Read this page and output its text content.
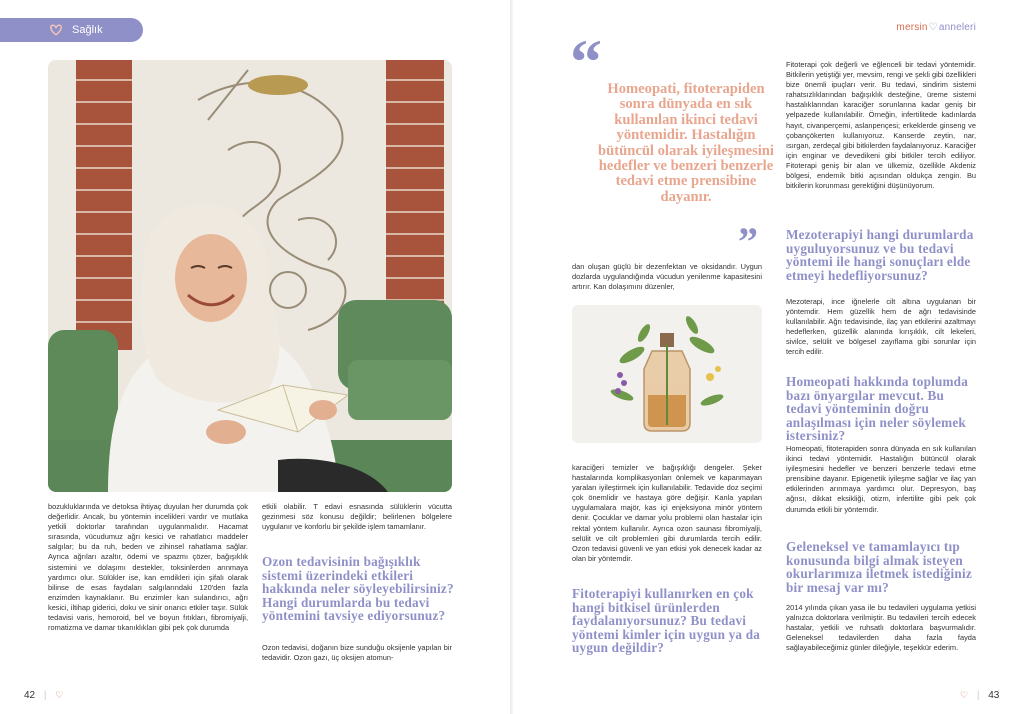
Sağlık

bozukluklarında ve detoksa ihtiyaç duyulan her durumda çok değerlidir. Ancak, bu yöntemin incelikleri vardır ve mutlaka yetkili doktorlar tarafından uygulanmalıdır. Hacamat sırasında, vücudumuz ağrı kesici ve rahatlatıcı maddeler salgılar; bu da ruh, beden ve zihinsel rahatlama sağlar. Ayrıca ağrıları azaltır, ödemi ve spazmı çözer, bağışıklık sistemini ve dolaşımı destekler, toksinlerden arınmaya yardımcı olur. Sülükler ise, kan emdikleri için şifalı olarak bilinse de esas faydaları salgılarındaki 120'den fazla enzimden kaynaklanır. Bu enzimler kan sulandırıcı, ağrı kesici, iltihap giderici, doku ve sinir onarıcı etkiler taşır. Sülük tedavisi varis, hemoroid, bel ve boyun fıtıkları, fibromiyalji, romatizma ve damar tıkanıklıkları gibi pek çok durumda

etkili olabilir. T edavi esnasında sülüklerin vücutta gezinmesi söz konusu değildir; belirlenen bölgelere uygulanır ve konforlu bir şekilde işlem tamamlanır.

Ozon tedavisinin bağışıklık sistemi üzerindeki etkileri hakkında neler söyleyebilirsiniz? Hangi durumlarda bu tedavi yöntemini tavsiye ediyorsunuz?

Ozon tedavisi, doğanın bize sunduğu oksijenle yapılan bir tedavidir. Ozon gazı, üç oksijen atomun-

42 | ♡
mersin♡anneleri
“ Homeopati, fitoterapiden sonra dünyada en sık kullanılan ikinci tedavi yöntemidir. Hastalığın bütüncül olarak iyileşmesini hedefler ve benzeri benzerle tedavi etme prensibine dayanır.
”

dan oluşan güçlü bir dezenfektan ve oksidandır. Uygun dozlarda uygulandığında vücudun yenilenme kapasitesini artırır. Kan dolaşımını düzenler,

karaciğeri temizler ve bağışıklığı dengeler. Şeker hastalarında komplikasyonları önlemek ve kapanmayan yaraları iyileştirmek için kullanılabilir. Tedavide doz seçimi çok önemlidir ve hastaya göre değişir. Kanla yapılan uygulamalara majör, kas içi enjeksiyona minör yöntem denir. Çocuklar ve damar yolu problemi olan hastalar için rektal yöntem kullanılır. Ayrıca ozon saunası fibromiyalji, selülit ve cilt problemleri gibi durumlarda tercih edilir. Ozon tedavisi güvenli ve yan etkisi yok denecek kadar az olan bir yöntemdir.

Fitoterapiyi kullanırken en çok hangi bitkisel ürünlerden faydalanıyorsunuz? Bu tedavi yöntemi kimler için uygun ya da uygun değildir?

Fitoterapi çok değerli ve eğlenceli bir tedavi yöntemidir. Bitkilerin yetiştiği yer, mevsim, rengi ve şekli gibi özellikleri bize önemli ipuçları verir. Bu tedavi, sindirim sistemi rahatsızlıklarından bağışıklık desteğine, üreme sistemi hastalıklarından karaciğer sorunlarına kadar geniş bir yelpazede kullanılabilir. Örneğin, infertilitede kadınlarda hayıt, civanperçemi, aslanpençesi; erkeklerde ginseng ve çobançökerten kullanıyoruz. Kanserde zeytin, nar, ısırgan, zerdeçal gibi bitkilerden faydalanıyoruz. Karaciğer için enginar ve devedikeni gibi bitkiler tercih ediliyor. Fitoterapi geniş bir alan ve ülkemiz, özellikle Akdeniz bölgesi, endemik bitki açısından oldukça zengin. Bu bitkilerin korunması gerektiğini düşünüyorum.

Mezoterapiyi hangi durumlarda uyguluyorsunuz ve bu tedavi yöntemi ile hangi sonuçları elde etmeyi hedefliyorsunuz?

Mezoterapi, ince iğnelerle cilt altına uygulanan bir yöntemdir. Hem güzellik hem de ağrı tedavisinde kullanılabilir. Ağrı tedavisinde, ilaç yan etkilerini azaltmayı hedeflerken, güzellik alanında kırışıklık, cilt lekeleri, sivilce, selülit ve bölgesel zayıflama gibi sorunlar için tercih edilir.

Homeopati hakkında toplumda bazı önyargılar mevcut. Bu tedavi yönteminin doğru anlaşılması için neler söylemek istersiniz?

Homeopati, fitoterapiden sonra dünyada en sık kullanılan ikinci tedavi yöntemidir. Hastalığın bütüncül olarak iyileşmesini hedefler ve benzeri benzerle tedavi etme prensibine dayanır. Epigenetik iyileşme sağlar ve ilaç yan etkilerinden arınmaya yardımcı olur. Depresyon, baş ağrısı, dikkat eksikliği, otizm, infertilite gibi pek çok durumda etkili bir yöntemdir.

Geleneksel ve tamamlayıcı tıp konusunda bilgi almak isteyen okurlarımıza iletmek istediğiniz bir mesaj var mı?

2014 yılında çıkan yasa ile bu tedavileri uygulama yetkisi yalnızca doktorlara verilmiştir. Bu tedavileri tercih edecek hastalar, yetkili ve ruhsatlı doktorlara başvurmalıdır. Geleneksel tedavilerden daha fazla fayda sağlayabileceğimiz günler dileğiyle, teşekkür ederim.

♡ | 43
